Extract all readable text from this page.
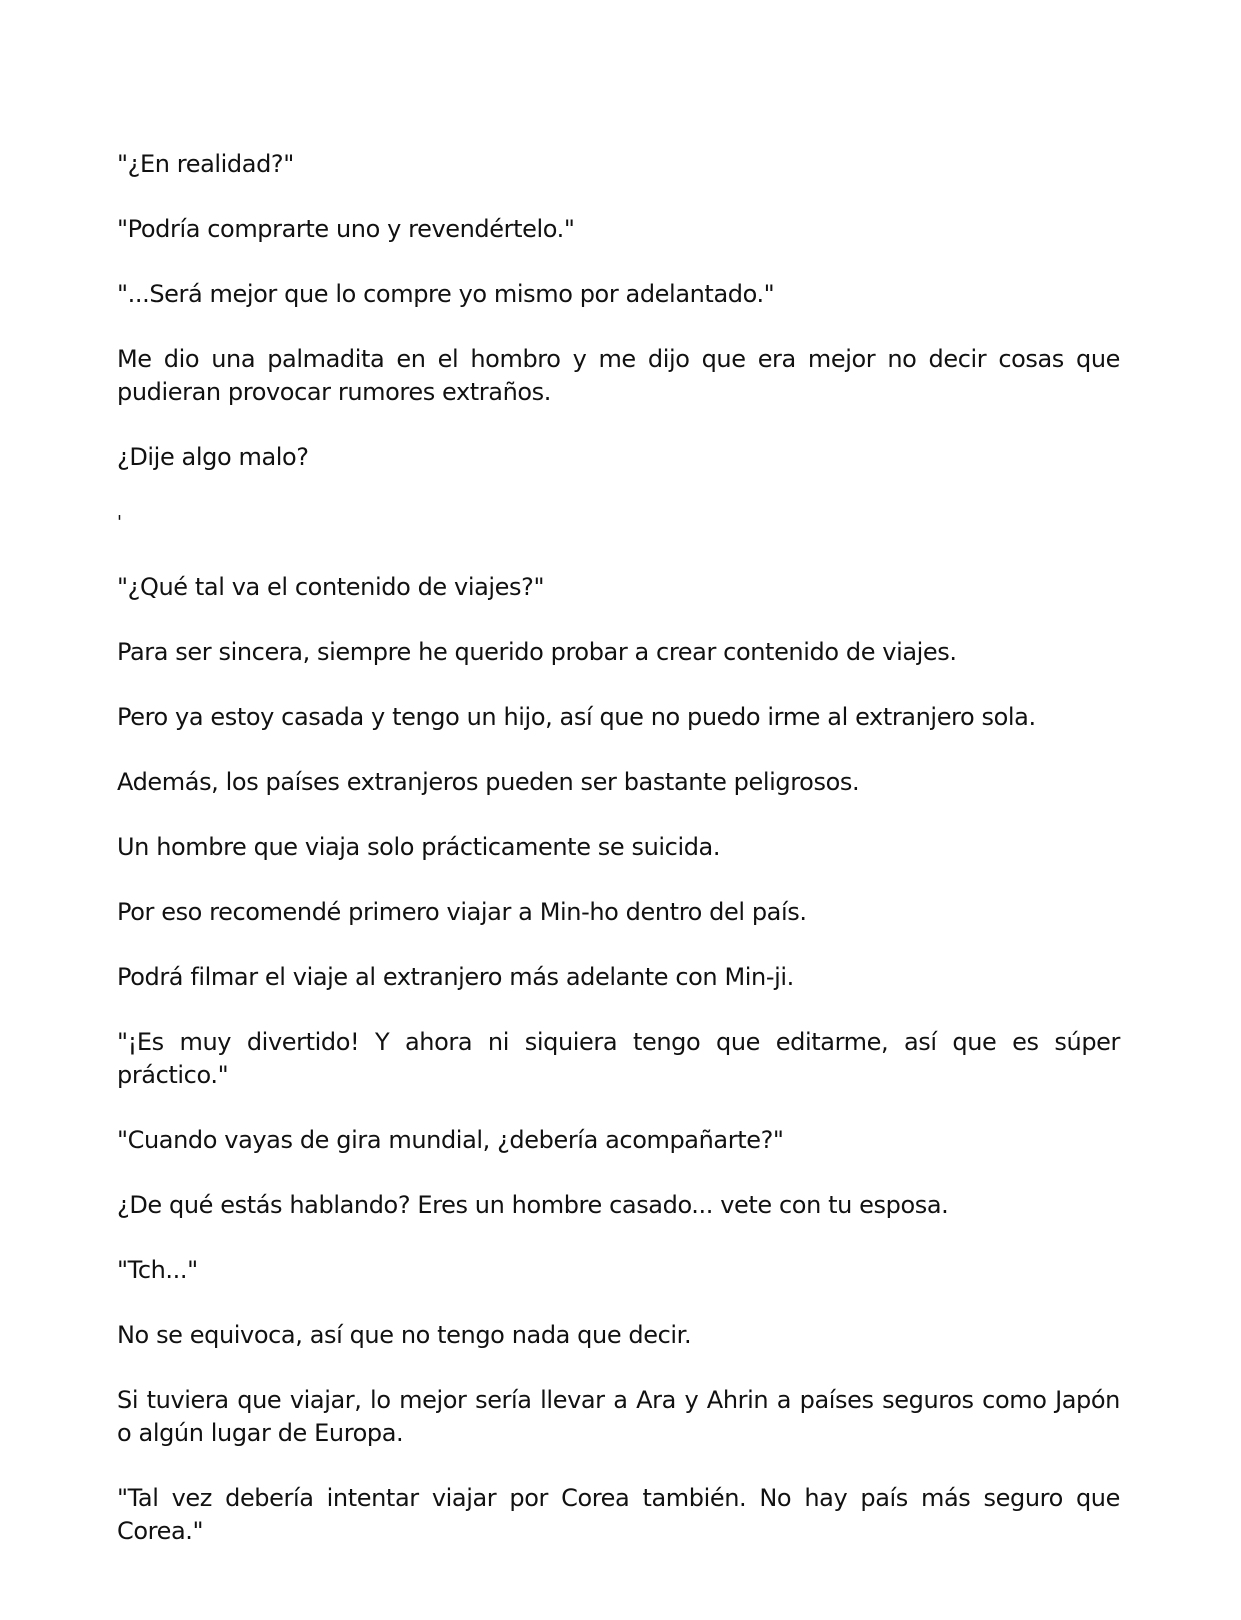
"¿En realidad?"

"Podría comprarte uno y revendértelo."

"...Será mejor que lo compre yo mismo por adelantado."

Me dio una palmadita en el hombro y me dijo que era mejor no decir cosas que pudieran provocar rumores extraños.

¿Dije algo malo?

'

"¿Qué tal va el contenido de viajes?"

Para ser sincera, siempre he querido probar a crear contenido de viajes.

Pero ya estoy casada y tengo un hijo, así que no puedo irme al extranjero sola.

Además, los países extranjeros pueden ser bastante peligrosos.

Un hombre que viaja solo prácticamente se suicida.

Por eso recomendé primero viajar a Min-ho dentro del país.

Podrá filmar el viaje al extranjero más adelante con Min-ji.

"¡Es muy divertido! Y ahora ni siquiera tengo que editarme, así que es súper práctico."

"Cuando vayas de gira mundial, ¿debería acompañarte?"

¿De qué estás hablando? Eres un hombre casado... vete con tu esposa.

"Tch..."

No se equivoca, así que no tengo nada que decir.

Si tuviera que viajar, lo mejor sería llevar a Ara y Ahrin a países seguros como Japón o algún lugar de Europa.

"Tal vez debería intentar viajar por Corea también. No hay país más seguro que Corea."
